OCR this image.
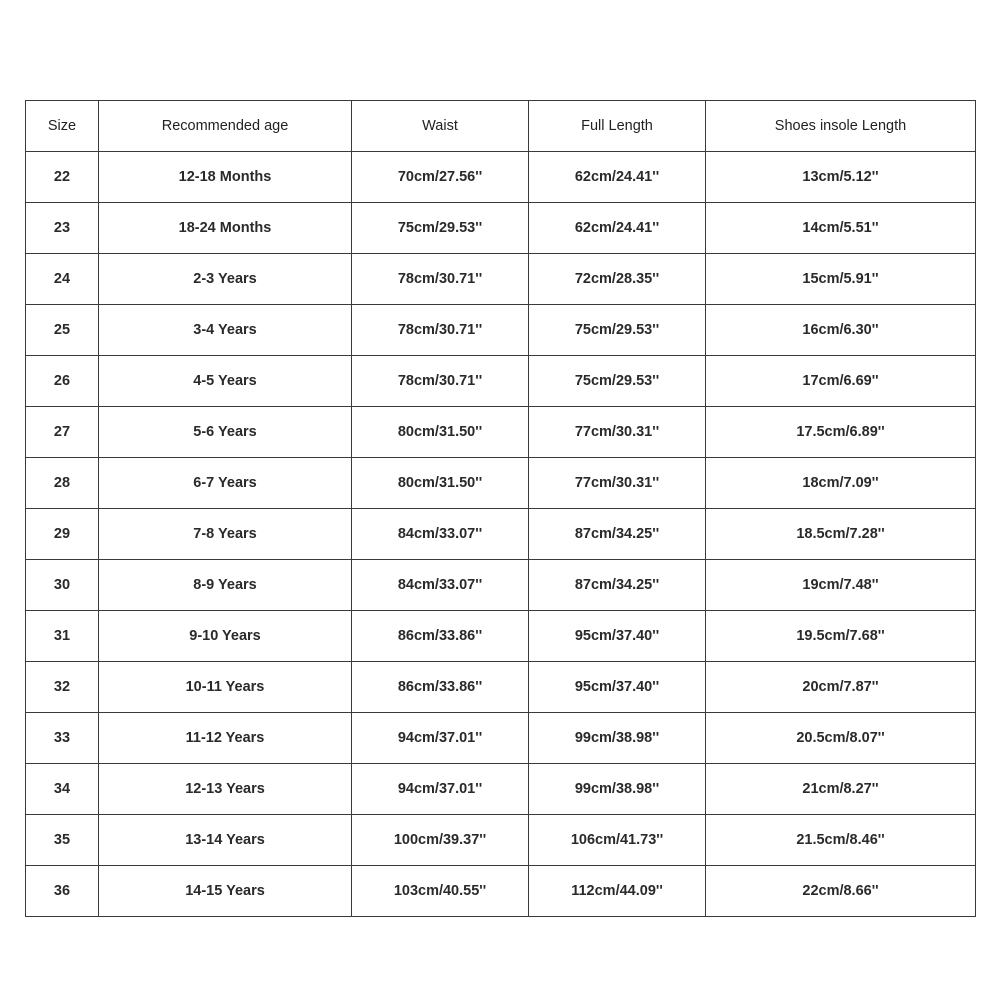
Size	Recommended age	Waist	Full Length	Shoes insole Length
22	12-18 Months	70cm/27.56''	62cm/24.41''	13cm/5.12''
23	18-24 Months	75cm/29.53''	62cm/24.41''	14cm/5.51''
24	2-3 Years	78cm/30.71''	72cm/28.35''	15cm/5.91''
25	3-4 Years	78cm/30.71''	75cm/29.53''	16cm/6.30''
26	4-5 Years	78cm/30.71''	75cm/29.53''	17cm/6.69''
27	5-6 Years	80cm/31.50''	77cm/30.31''	17.5cm/6.89''
28	6-7 Years	80cm/31.50''	77cm/30.31''	18cm/7.09''
29	7-8 Years	84cm/33.07''	87cm/34.25''	18.5cm/7.28''
30	8-9 Years	84cm/33.07''	87cm/34.25''	19cm/7.48''
31	9-10 Years	86cm/33.86''	95cm/37.40''	19.5cm/7.68''
32	10-11 Years	86cm/33.86''	95cm/37.40''	20cm/7.87''
33	11-12 Years	94cm/37.01''	99cm/38.98''	20.5cm/8.07''
34	12-13 Years	94cm/37.01''	99cm/38.98''	21cm/8.27''
35	13-14 Years	100cm/39.37''	106cm/41.73''	21.5cm/8.46''
36	14-15 Years	103cm/40.55''	112cm/44.09''	22cm/8.66''
